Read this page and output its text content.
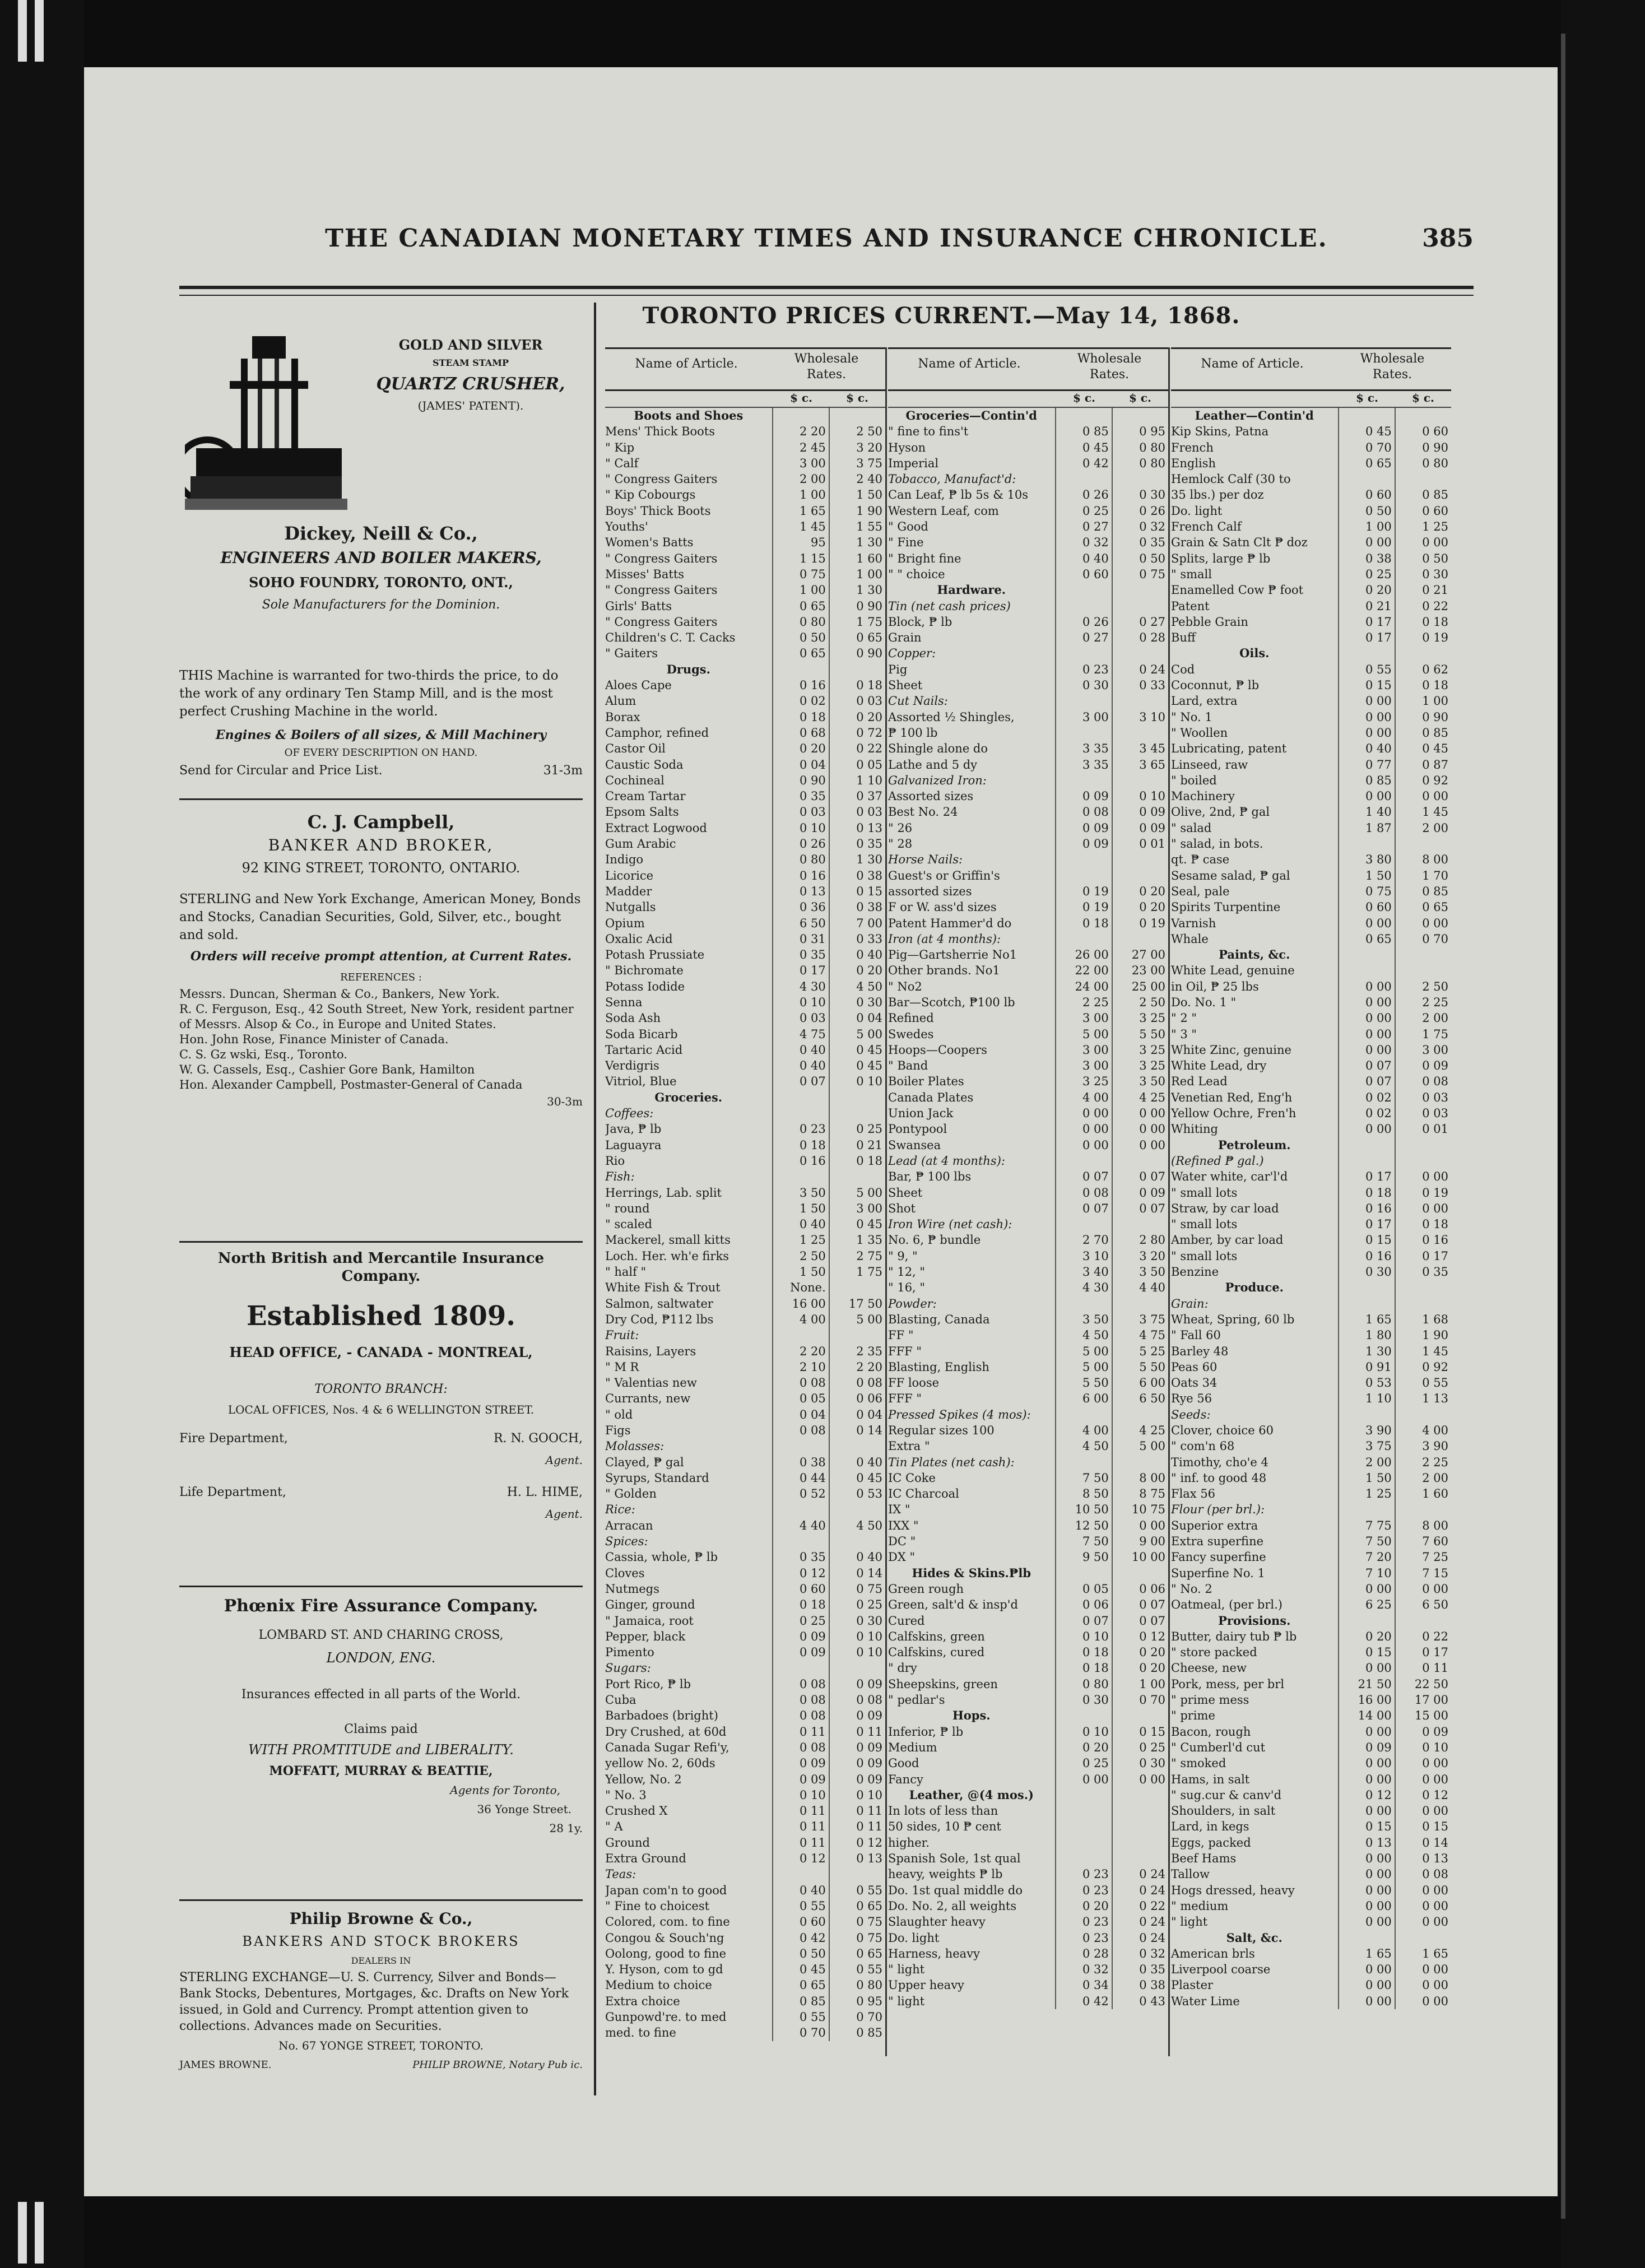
THE CANADIAN MONETARY TIMES AND INSURANCE CHRONICLE.	385

GOLD AND SILVER

STEAM STAMP

QUARTZ CRUSHER,

(JAMES' PATENT).

Dickey, Neill & Co.,

ENGINEERS AND BOILER MAKERS,

SOHO FOUNDRY, TORONTO, ONT.,

Sole Manufacturers for the Dominion.

THIS Machine is warranted for two-thirds the price, to do the work of any ordinary Ten Stamp Mill, and is the most perfect Crushing Machine in the world.

Engines & Boilers of all sizes, & Mill Machinery

OF EVERY DESCRIPTION ON HAND.

Send for Circular and Price List.	31-3m

C. J. Campbell,

BANKER AND BROKER,

92 KING STREET, TORONTO, ONTARIO.

STERLING and New York Exchange, American Money, Bonds and Stocks, Canadian Securities, Gold, Silver, etc., bought and sold.

Orders will receive prompt attention, at Current Rates.

REFERENCES :

Messrs. Duncan, Sherman & Co., Bankers, New York.

R. C. Ferguson, Esq., 42 South Street, New York, resident partner of Messrs. Alsop & Co., in Europe and United States.

Hon. John Rose, Finance Minister of Canada.

C. S. Gz wski, Esq., Toronto.

W. G. Cassels, Esq., Cashier Gore Bank, Hamilton

Hon. Alexander Campbell, Postmaster-General of Canada

30-3m

North British and Mercantile Insurance Company.

Established 1809.

HEAD OFFICE, - CANADA - MONTREAL,

TORONTO BRANCH:

LOCAL OFFICES, Nos. 4 & 6 WELLINGTON STREET.

Fire Department,	R. N. GOOCH,

Agent.

Life Department,	H. L. HIME,

Agent.

Phœnix Fire Assurance Company.

LOMBARD ST. AND CHARING CROSS,

LONDON, ENG.

Insurances effected in all parts of the World.

Claims paid

WITH PROMTITUDE and LIBERALITY.

MOFFATT, MURRAY & BEATTIE,

Agents for Toronto,

36 Yonge Street.

28 1y.

Philip Browne & Co.,

BANKERS AND STOCK BROKERS

DEALERS IN

STERLING EXCHANGE—U. S. Currency, Silver and Bonds—Bank Stocks, Debentures, Mortgages, &c. Drafts on New York issued, in Gold and Currency. Prompt attention given to collections. Advances made on Securities.

No. 67 YONGE STREET, TORONTO.

JAMES BROWNE.	PHILIP BROWNE, Notary Pub ic.

TORONTO PRICES CURRENT.—May 14, 1868.
Name of Article.	Wholesale Rates.
$ c.	$ c.
Boots and Shoes
Mens' Thick Boots	2 20	2 50
" Kip	2 45	3 20
" Calf	3 00	3 75
" Congress Gaiters	2 00	2 40
" Kip Cobourgs	1 00	1 50
Boys' Thick Boots	1 65	1 90
Youths'	1 45	1 55
Women's Batts	95	1 30
" Congress Gaiters	1 15	1 60
Misses' Batts	0 75	1 00
" Congress Gaiters	1 00	1 30
Girls' Batts	0 65	0 90
" Congress Gaiters	0 80	1 75
Children's C. T. Cacks	0 50	0 65
" Gaiters	0 65	0 90
Drugs.
Aloes Cape	0 16	0 18
Alum	0 02	0 03
Borax	0 18	0 20
Camphor, refined	0 68	0 72
Castor Oil	0 20	0 22
Caustic Soda	0 04	0 05
Cochineal	0 90	1 10
Cream Tartar	0 35	0 37
Epsom Salts	0 03	0 03
Extract Logwood	0 10	0 13
Gum Arabic	0 26	0 35
Indigo	0 80	1 30
Licorice	0 16	0 38
Madder	0 13	0 15
Nutgalls	0 36	0 38
Opium	6 50	7 00
Oxalic Acid	0 31	0 33
Potash Prussiate	0 35	0 40
" Bichromate	0 17	0 20
Potass Iodide	4 30	4 50
Senna	0 10	0 30
Soda Ash	0 03	0 04
Soda Bicarb	4 75	5 00
Tartaric Acid	0 40	0 45
Verdigris	0 40	0 45
Vitriol, Blue	0 07	0 10
Groceries.
Coffees:
Java, ₱ lb	0 23	0 25
Laguayra	0 18	0 21
Rio	0 16	0 18
Fish:
Herrings, Lab. split	3 50	5 00
" round	1 50	3 00
" scaled	0 40	0 45
Mackerel, small kitts	1 25	1 35
Loch. Her. wh'e firks	2 50	2 75
" half "	1 50	1 75
White Fish & Trout	None.
Salmon, saltwater	16 00	17 50
Dry Cod, ₱112 lbs	4 00	5 00
Fruit:
Raisins, Layers	2 20	2 35
" M R	2 10	2 20
" Valentias new	0 08	0 08
Currants, new	0 05	0 06
" old	0 04	0 04
Figs	0 08	0 14
Molasses:
Clayed, ₱ gal	0 38	0 40
Syrups, Standard	0 44	0 45
" Golden	0 52	0 53
Rice:
Arracan	4 40	4 50
Spices:
Cassia, whole, ₱ lb	0 35	0 40
Cloves	0 12	0 14
Nutmegs	0 60	0 75
Ginger, ground	0 18	0 25
" Jamaica, root	0 25	0 30
Pepper, black	0 09	0 10
Pimento	0 09	0 10
Sugars:
Port Rico, ₱ lb	0 08	0 09
Cuba	0 08	0 08
Barbadoes (bright)	0 08	0 09
Dry Crushed, at 60d	0 11	0 11
Canada Sugar Refi'y,	0 08	0 09
yellow No. 2, 60ds	0 09	0 09
Yellow, No. 2	0 09	0 09
" No. 3	0 10	0 10
Crushed X	0 11	0 11
" A	0 11	0 11
Ground	0 11	0 12
Extra Ground	0 12	0 13
Teas:
Japan com'n to good	0 40	0 55
" Fine to choicest	0 55	0 65
Colored, com. to fine	0 60	0 75
Congou & Souch'ng	0 42	0 75
Oolong, good to fine	0 50	0 65
Y. Hyson, com to gd	0 45	0 55
Medium to choice	0 65	0 80
Extra choice	0 85	0 95
Gunpowd're. to med	0 55	0 70
med. to fine	0 70	0 85
Name of Article.	Wholesale Rates.
$ c.	$ c.
Groceries—Contin'd
" fine to fins't	0 85	0 95
Hyson	0 45	0 80
Imperial	0 42	0 80
Tobacco, Manufact'd:
Can Leaf, ₱ lb 5s & 10s	0 26	0 30
Western Leaf, com	0 25	0 26
" Good	0 27	0 32
" Fine	0 32	0 35
" Bright fine	0 40	0 50
" " choice	0 60	0 75
Hardware.
Tin (net cash prices)
Block, ₱ lb	0 26	0 27
Grain	0 27	0 28
Copper:
Pig	0 23	0 24
Sheet	0 30	0 33
Cut Nails:
Assorted ½ Shingles,	3 00	3 10
₱ 100 lb
Shingle alone do	3 35	3 45
Lathe and 5 dy	3 35	3 65
Galvanized Iron:
Assorted sizes	0 09	0 10
Best No. 24	0 08	0 09
" 26	0 09	0 09
" 28	0 09	0 01
Horse Nails:
Guest's or Griffin's
assorted sizes	0 19	0 20
F or W. ass'd sizes	0 19	0 20
Patent Hammer'd do	0 18	0 19
Iron (at 4 months):
Pig—Gartsherrie No1	26 00	27 00
Other brands. No1	22 00	23 00
" No2	24 00	25 00
Bar—Scotch, ₱100 lb	2 25	2 50
Refined	3 00	3 25
Swedes	5 00	5 50
Hoops—Coopers	3 00	3 25
" Band	3 00	3 25
Boiler Plates	3 25	3 50
Canada Plates	4 00	4 25
Union Jack	0 00	0 00
Pontypool	0 00	0 00
Swansea	0 00	0 00
Lead (at 4 months):
Bar, ₱ 100 lbs	0 07	0 07
Sheet	0 08	0 09
Shot	0 07	0 07
Iron Wire (net cash):
No. 6, ₱ bundle	2 70	2 80
" 9, "	3 10	3 20
" 12, "	3 40	3 50
" 16, "	4 30	4 40
Powder:
Blasting, Canada	3 50	3 75
FF "	4 50	4 75
FFF "	5 00	5 25
Blasting, English	5 00	5 50
FF loose	5 50	6 00
FFF "	6 00	6 50
Pressed Spikes (4 mos):
Regular sizes 100	4 00	4 25
Extra "	4 50	5 00
Tin Plates (net cash):
IC Coke	7 50	8 00
IC Charcoal	8 50	8 75
IX "	10 50	10 75
IXX "	12 50	0 00
DC "	7 50	9 00
DX "	9 50	10 00
Hides & Skins.₱lb
Green rough	0 05	0 06
Green, salt'd & insp'd	0 06	0 07
Cured	0 07	0 07
Calfskins, green	0 10	0 12
Calfskins, cured	0 18	0 20
" dry	0 18	0 20
Sheepskins, green	0 80	1 00
" pedlar's	0 30	0 70
Hops.
Inferior, ₱ lb	0 10	0 15
Medium	0 20	0 25
Good	0 25	0 30
Fancy	0 00	0 00
Leather, @(4 mos.)
In lots of less than
50 sides, 10 ₱ cent
higher.
Spanish Sole, 1st qual
heavy, weights ₱ lb	0 23	0 24
Do. 1st qual middle do	0 23	0 24
Do. No. 2, all weights	0 20	0 22
Slaughter heavy	0 23	0 24
Do. light	0 23	0 24
Harness, heavy	0 28	0 32
" light	0 32	0 35
Upper heavy	0 34	0 38
" light	0 42	0 43
Name of Article.	Wholesale Rates.
$ c.	$ c.
Leather—Contin'd
Kip Skins, Patna	0 45	0 60
French	0 70	0 90
English	0 65	0 80
Hemlock Calf (30 to
35 lbs.) per doz	0 60	0 85
Do. light	0 50	0 60
French Calf	1 00	1 25
Grain & Satn Clt ₱ doz	0 00	0 00
Splits, large ₱ lb	0 38	0 50
" small	0 25	0 30
Enamelled Cow ₱ foot	0 20	0 21
Patent	0 21	0 22
Pebble Grain	0 17	0 18
Buff	0 17	0 19
Oils.
Cod	0 55	0 62
Coconnut, ₱ lb	0 15	0 18
Lard, extra	0 00	1 00
" No. 1	0 00	0 90
" Woollen	0 00	0 85
Lubricating, patent	0 40	0 45
Linseed, raw	0 77	0 87
" boiled	0 85	0 92
Machinery	0 00	0 00
Olive, 2nd, ₱ gal	1 40	1 45
" salad	1 87	2 00
" salad, in bots.
qt. ₱ case	3 80	8 00
Sesame salad, ₱ gal	1 50	1 70
Seal, pale	0 75	0 85
Spirits Turpentine	0 60	0 65
Varnish	0 00	0 00
Whale	0 65	0 70
Paints, &c.
White Lead, genuine
in Oil, ₱ 25 lbs	0 00	2 50
Do. No. 1 "	0 00	2 25
" 2 "	0 00	2 00
" 3 "	0 00	1 75
White Zinc, genuine	0 00	3 00
White Lead, dry	0 07	0 09
Red Lead	0 07	0 08
Venetian Red, Eng'h	0 02	0 03
Yellow Ochre, Fren'h	0 02	0 03
Whiting	0 00	0 01
Petroleum.
(Refined ₱ gal.)
Water white, car'l'd	0 17	0 00
" small lots	0 18	0 19
Straw, by car load	0 16	0 00
" small lots	0 17	0 18
Amber, by car load	0 15	0 16
" small lots	0 16	0 17
Benzine	0 30	0 35
Produce.
Grain:
Wheat, Spring, 60 lb	1 65	1 68
" Fall 60	1 80	1 90
Barley 48	1 30	1 45
Peas 60	0 91	0 92
Oats 34	0 53	0 55
Rye 56	1 10	1 13
Seeds:
Clover, choice 60	3 90	4 00
" com'n 68	3 75	3 90
Timothy, cho'e 4	2 00	2 25
" inf. to good 48	1 50	2 00
Flax 56	1 25	1 60
Flour (per brl.):
Superior extra	7 75	8 00
Extra superfine	7 50	7 60
Fancy superfine	7 20	7 25
Superfine No. 1	7 10	7 15
" No. 2	0 00	0 00
Oatmeal, (per brl.)	6 25	6 50
Provisions.
Butter, dairy tub ₱ lb	0 20	0 22
" store packed	0 15	0 17
Cheese, new	0 00	0 11
Pork, mess, per brl	21 50	22 50
" prime mess	16 00	17 00
" prime	14 00	15 00
Bacon, rough	0 00	0 09
" Cumberl'd cut	0 09	0 10
" smoked	0 00	0 00
Hams, in salt	0 00	0 00
" sug.cur & canv'd	0 12	0 12
Shoulders, in salt	0 00	0 00
Lard, in kegs	0 15	0 15
Eggs, packed	0 13	0 14
Beef Hams	0 00	0 13
Tallow	0 00	0 08
Hogs dressed, heavy	0 00	0 00
" medium	0 00	0 00
" light	0 00	0 00
Salt, &c.
American brls	1 65	1 65
Liverpool coarse	0 00	0 00
Plaster	0 00	0 00
Water Lime	0 00	0 00
